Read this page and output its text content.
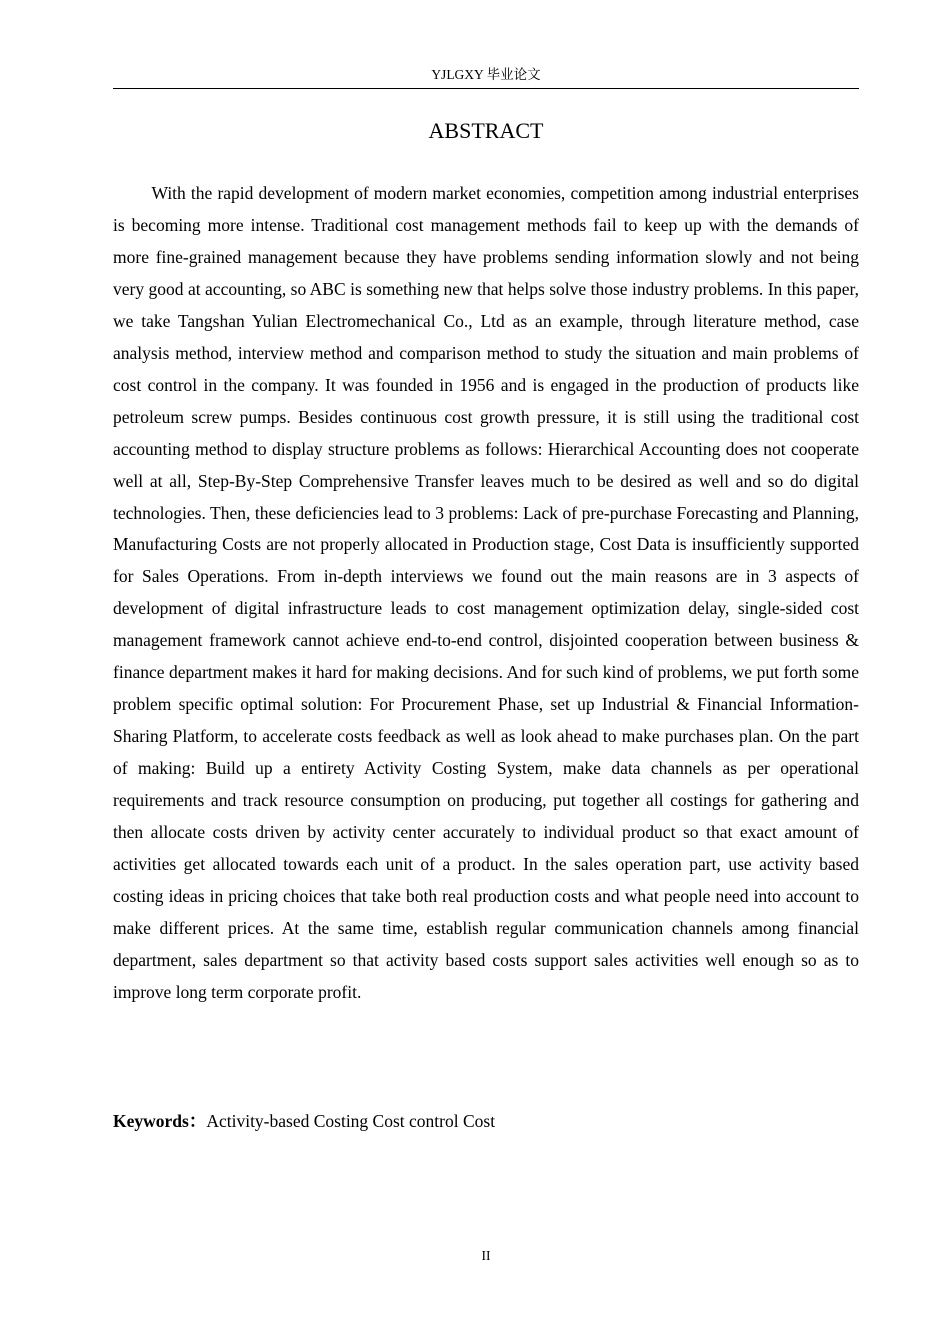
YJLGXY 毕业论文
ABSTRACT

With the rapid development of modern market economies, competition among industrial enterprises is becoming more intense. Traditional cost management methods fail to keep up with the demands of more fine-grained management because they have problems sending information slowly and not being very good at accounting, so ABC is something new that helps solve those industry problems. In this paper, we take Tangshan Yulian Electromechanical Co., Ltd as an example, through literature method, case analysis method, interview method and comparison method to study the situation and main problems of cost control in the company. It was founded in 1956 and is engaged in the production of products like petroleum screw pumps. Besides continuous cost growth pressure, it is still using the traditional cost accounting method to display structure problems as follows: Hierarchical Accounting does not cooperate well at all, Step-By-Step Comprehensive Transfer leaves much to be desired as well and so do digital technologies. Then, these deficiencies lead to 3 problems: Lack of pre-purchase Forecasting and Planning, Manufacturing Costs are not properly allocated in Production stage, Cost Data is insufficiently supported for Sales Operations. From in-depth interviews we found out the main reasons are in 3 aspects of development of digital infrastructure leads to cost management optimization delay, single-sided cost management framework cannot achieve end-to-end control, disjointed cooperation between business & finance department makes it hard for making decisions. And for such kind of problems, we put forth some problem specific optimal solution: For Procurement Phase, set up Industrial & Financial Information-Sharing Platform, to accelerate costs feedback as well as look ahead to make purchases plan. On the part of making: Build up a entirety Activity Costing System, make data channels as per operational requirements and track resource consumption on producing, put together all costings for gathering and then allocate costs driven by activity center accurately to individual product so that exact amount of activities get allocated towards each unit of a product. In the sales operation part, use activity based costing ideas in pricing choices that take both real production costs and what people need into account to make different prices. At the same time, establish regular communication channels among financial department, sales department so that activity based costs support sales activities well enough so as to improve long term corporate profit.

Keywords：Activity-based Costing Cost control Cost

II
